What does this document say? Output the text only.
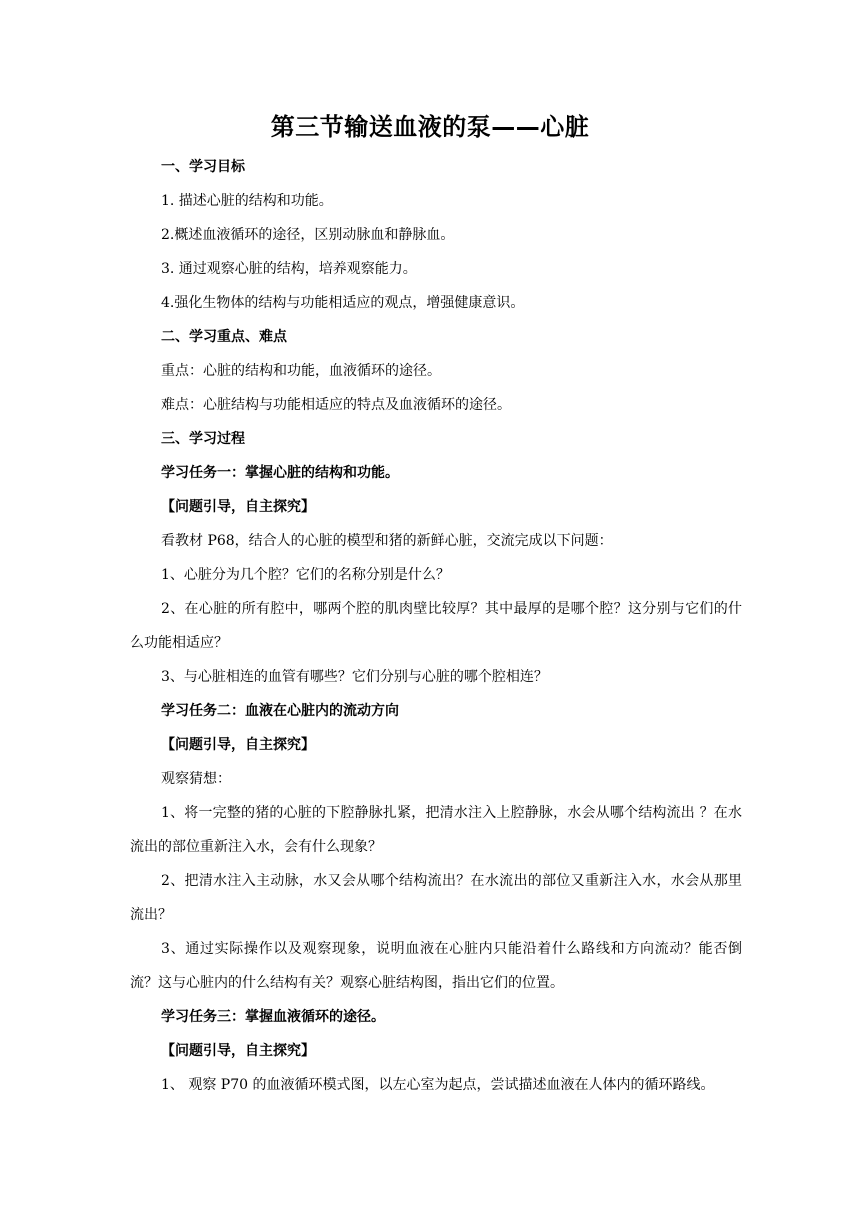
第三节输送血液的泵——心脏
一、学习目标
1. 描述心脏的结构和功能。
2.概述血液循环的途径，区别动脉血和静脉血。
3. 通过观察心脏的结构，培养观察能力。
4.强化生物体的结构与功能相适应的观点，增强健康意识。
二、学习重点、难点
重点：心脏的结构和功能，血液循环的途径。
难点：心脏结构与功能相适应的特点及血液循环的途径。
三、学习过程
学习任务一：掌握心脏的结构和功能。
【问题引导，自主探究】
看教材 P68，结合人的心脏的模型和猪的新鲜心脏，交流完成以下问题：
1、心脏分为几个腔？它们的名称分别是什么？
2、在心脏的所有腔中，哪两个腔的肌肉壁比较厚？其中最厚的是哪个腔？这分别与它们的什么功能相适应？
3、与心脏相连的血管有哪些？它们分别与心脏的哪个腔相连？
学习任务二：血液在心脏内的流动方向
【问题引导，自主探究】
观察猜想：
1、将一完整的猪的心脏的下腔静脉扎紧，把清水注入上腔静脉，水会从哪个结构流出 ？在水流出的部位重新注入水，会有什么现象？
2、把清水注入主动脉，水又会从哪个结构流出？在水流出的部位又重新注入水，水会从那里流出？
3、通过实际操作以及观察现象，说明血液在心脏内只能沿着什么路线和方向流动？能否倒流？这与心脏内的什么结构有关？观察心脏结构图，指出它们的位置。
学习任务三：掌握血液循环的途径。
【问题引导，自主探究】
1、 观察 P70 的血液循环模式图，以左心室为起点，尝试描述血液在人体内的循环路线。
